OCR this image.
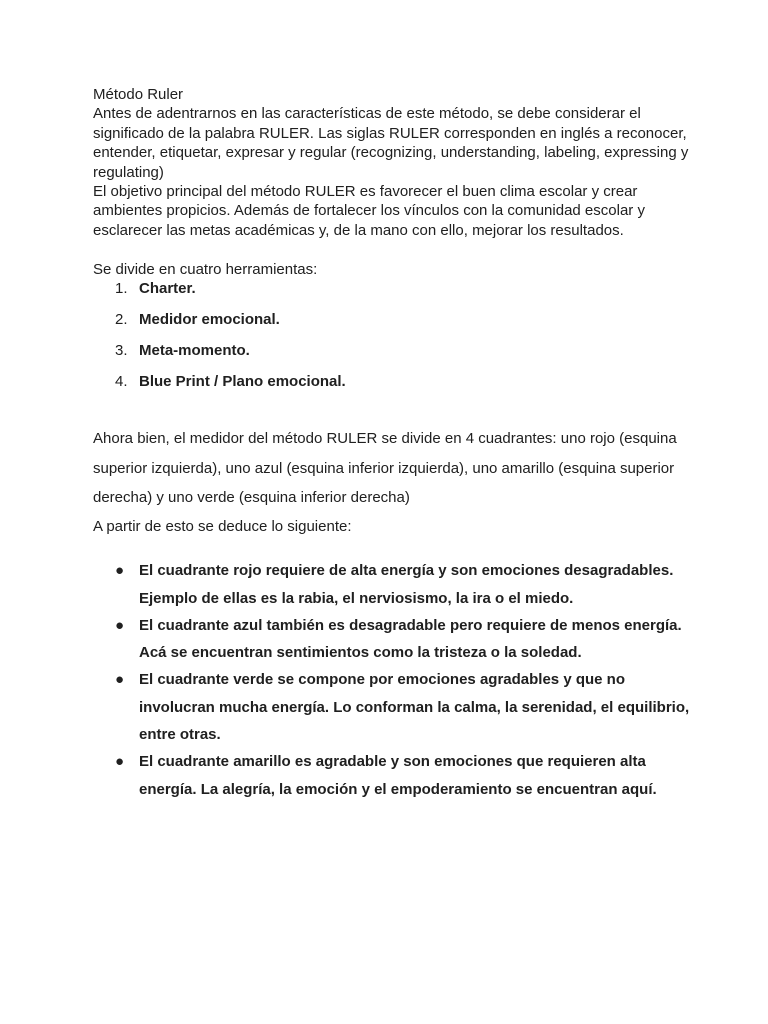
Método Ruler

Antes de adentrarnos en las características de este método, se debe considerar el significado de la palabra RULER. Las siglas RULER corresponden en inglés a reconocer, entender, etiquetar, expresar y regular (recognizing, understanding, labeling, expressing y regulating)

El objetivo principal del método RULER es favorecer el buen clima escolar y crear ambientes propicios. Además de fortalecer los vínculos con la comunidad escolar y esclarecer las metas académicas y, de la mano con ello, mejorar los resultados.

Se divide en cuatro herramientas:

1. Charter.
2. Medidor emocional.
3. Meta-momento.
4. Blue Print / Plano emocional.

Ahora bien, el medidor del método RULER se divide en 4 cuadrantes: uno rojo (esquina superior izquierda), uno azul (esquina inferior izquierda), uno amarillo (esquina superior derecha) y uno verde (esquina inferior derecha)

A partir de esto se deduce lo siguiente:

● El cuadrante rojo requiere de alta energía y son emociones desagradables. Ejemplo de ellas es la rabia, el nerviosismo, la ira o el miedo.
● El cuadrante azul también es desagradable pero requiere de menos energía. Acá se encuentran sentimientos como la tristeza o la soledad.
● El cuadrante verde se compone por emociones agradables y que no involucran mucha energía. Lo conforman la calma, la serenidad, el equilibrio, entre otras.
● El cuadrante amarillo es agradable y son emociones que requieren alta energía. La alegría, la emoción y el empoderamiento se encuentran aquí.
